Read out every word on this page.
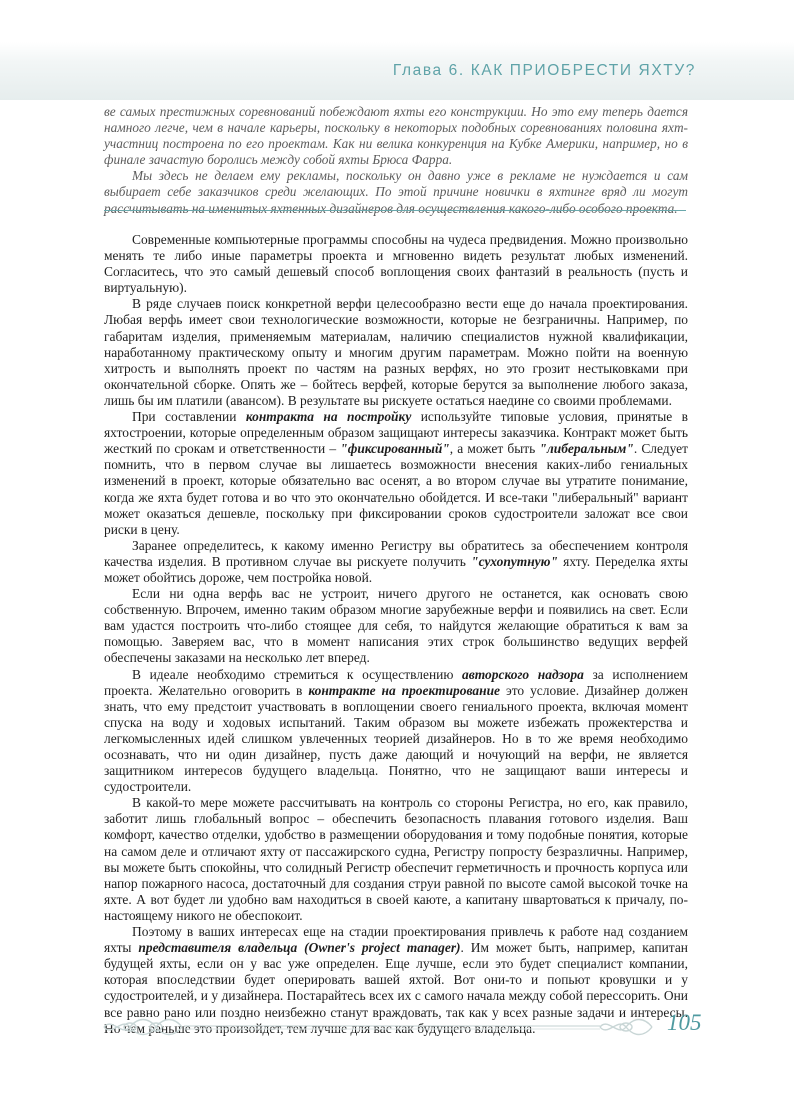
Глава 6. КАК ПРИОБРЕСТИ ЯХТУ?

ве самых престижных соревнований побеждают яхты его конструкции. Но это ему теперь дается намного легче, чем в начале карьеры, поскольку в некоторых подобных соревнованиях половина яхт-участниц построена по его проектам. Как ни велика конкуренция на Кубке Америки, например, но в финале зачастую боролись между собой яхты Брюса Фарра.

Мы здесь не делаем ему рекламы, поскольку он давно уже в рекламе не нуждается и сам выбирает себе заказчиков среди желающих. По этой причине новички в яхтинге вряд ли могут рассчитывать на именитых яхтенных дизайнеров для осуществления какого-либо особого проекта.

Современные компьютерные программы способны на чудеса предвидения. Можно произвольно менять те либо иные параметры проекта и мгновенно видеть результат любых изменений. Согласитесь, что это самый дешевый способ воплощения своих фантазий в реальность (пусть и виртуальную).

В ряде случаев поиск конкретной верфи целесообразно вести еще до начала проектирования. Любая верфь имеет свои технологические возможности, которые не безграничны. Например, по габаритам изделия, применяемым материалам, наличию специалистов нужной квалификации, наработанному практическому опыту и многим другим параметрам. Можно пойти на военную хитрость и выполнять проект по частям на разных верфях, но это грозит нестыковками при окончательной сборке. Опять же – бойтесь верфей, которые берутся за выполнение любого заказа, лишь бы им платили (авансом). В результате вы рискуете остаться наедине со своими проблемами.

При составлении контракта на постройку используйте типовые условия, принятые в яхтостроении, которые определенным образом защищают интересы заказчика. Контракт может быть жесткий по срокам и ответственности – "фиксированный", а может быть "либеральным". Следует помнить, что в первом случае вы лишаетесь возможности внесения каких-либо гениальных изменений в проект, которые обязательно вас осенят, а во втором случае вы утратите понимание, когда же яхта будет готова и во что это окончательно обойдется. И все-таки "либеральный" вариант может оказаться дешевле, поскольку при фиксировании сроков судостроители заложат все свои риски в цену.

Заранее определитесь, к какому именно Регистру вы обратитесь за обеспечением контроля качества изделия. В противном случае вы рискуете получить "сухопутную" яхту. Переделка яхты может обойтись дороже, чем постройка новой.

Если ни одна верфь вас не устроит, ничего другого не останется, как основать свою собственную. Впрочем, именно таким образом многие зарубежные верфи и появились на свет. Если вам удастся построить что-либо стоящее для себя, то найдутся желающие обратиться к вам за помощью. Заверяем вас, что в момент написания этих строк большинство ведущих верфей обеспечены заказами на несколько лет вперед.

В идеале необходимо стремиться к осуществлению авторского надзора за исполнением проекта. Желательно оговорить в контракте на проектирование это условие. Дизайнер должен знать, что ему предстоит участвовать в воплощении своего гениального проекта, включая момент спуска на воду и ходовых испытаний. Таким образом вы можете избежать прожектерства и легкомысленных идей слишком увлеченных теорией дизайнеров. Но в то же время необходимо осознавать, что ни один дизайнер, пусть даже дающий и ночующий на верфи, не является защитником интересов будущего владельца. Понятно, что не защищают ваши интересы и судостроители.

В какой-то мере можете рассчитывать на контроль со стороны Регистра, но его, как правило, заботит лишь глобальный вопрос – обеспечить безопасность плавания готового изделия. Ваш комфорт, качество отделки, удобство в размещении оборудования и тому подобные понятия, которые на самом деле и отличают яхту от пассажирского судна, Регистру попросту безразличны. Например, вы можете быть спокойны, что солидный Регистр обеспечит герметичность и прочность корпуса или напор пожарного насоса, достаточный для создания струи равной по высоте самой высокой точке на яхте. А вот будет ли удобно вам находиться в своей каюте, а капитану швартоваться к причалу, по-настоящему никого не обеспокоит.

Поэтому в ваших интересах еще на стадии проектирования привлечь к работе над созданием яхты представителя владельца (Owner's project manager). Им может быть, например, капитан будущей яхты, если он у вас уже определен. Еще лучше, если это будет специалист компании, которая впоследствии будет оперировать вашей яхтой. Вот они-то и попьют кровушки и у судостроителей, и у дизайнера. Постарайтесь всех их с самого начала между собой перессорить. Они все равно рано или поздно неизбежно станут враждовать, так как у всех разные задачи и интересы. Но чем раньше это произойдет, тем лучше для вас как будущего владельца.	105
